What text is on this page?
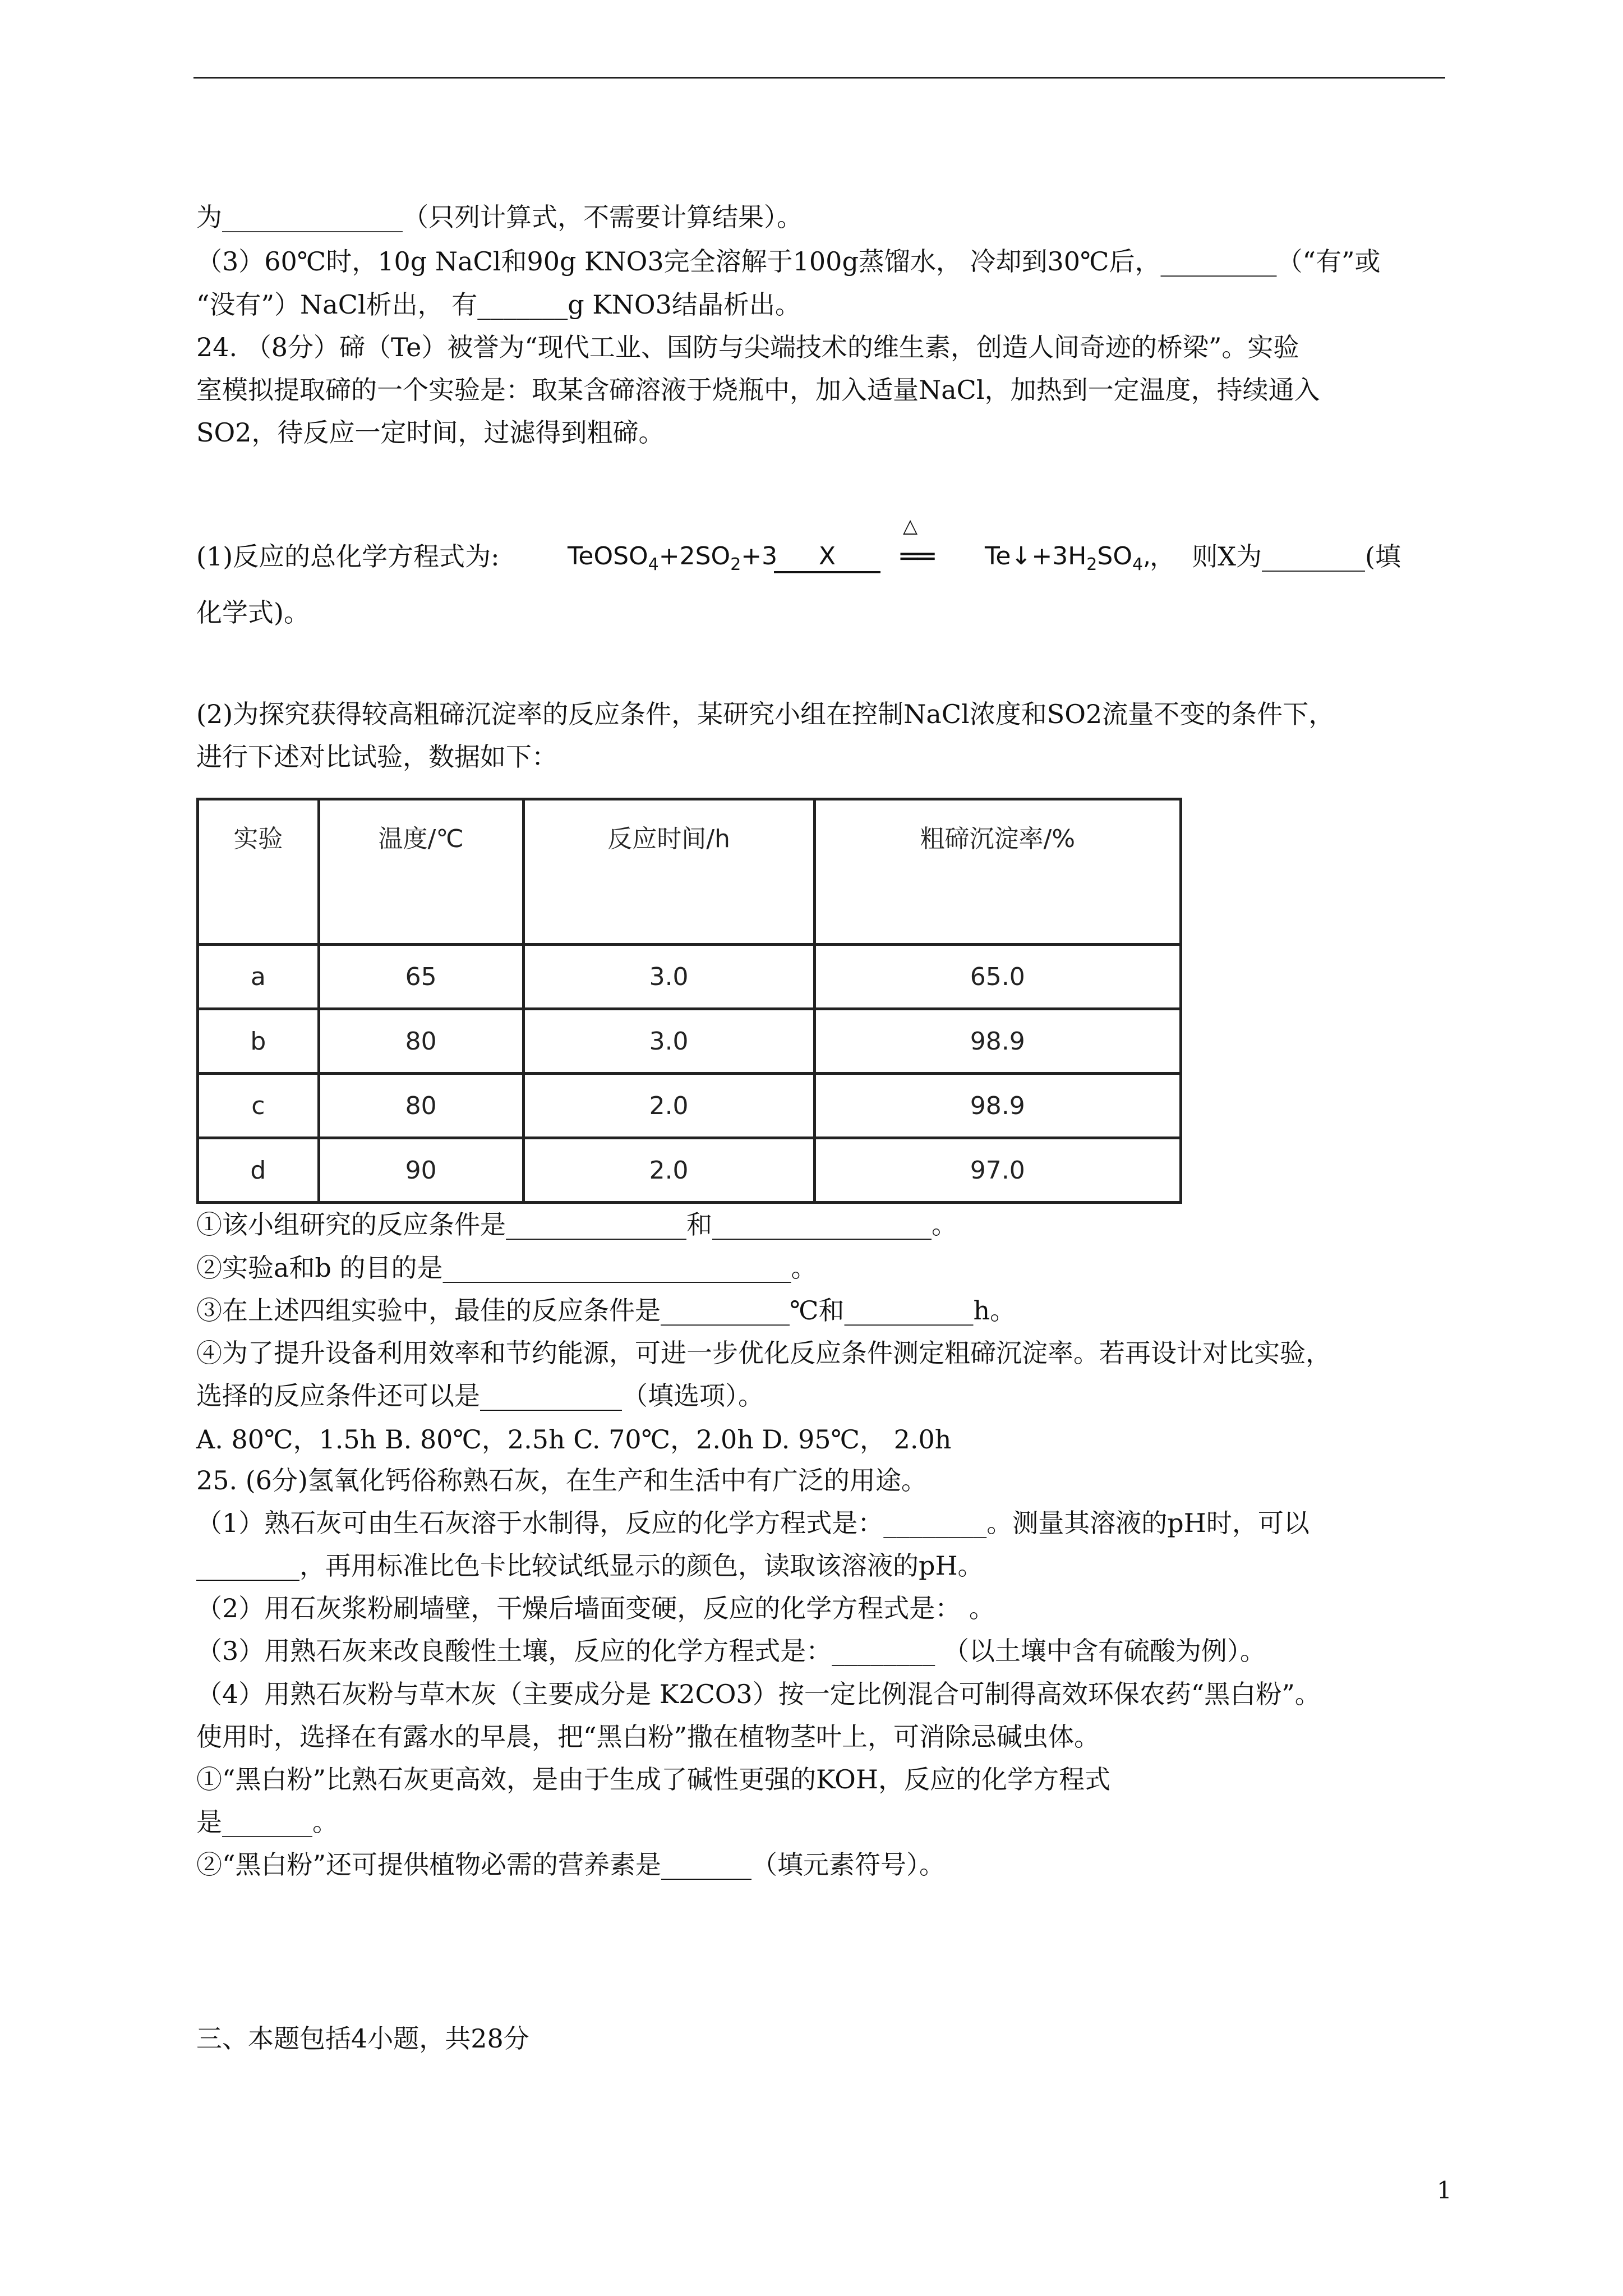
为______________（只列计算式，不需要计算结果）。
（3）60℃时，10g NaCl和90g KNO3完全溶解于100g蒸馏水， 冷却到30℃后，_________（“有”或
“没有”）NaCl析出， 有_______g KNO3结晶析出。
24. （8分）碲（Te）被誉为“现代工业、国防与尖端技术的维生素，创造人间奇迹的桥梁”。实验
室模拟提取碲的一个实验是：取某含碲溶液于烧瓶中，加入适量NaCl，加热到一定温度，持续通入
SO2，待反应一定时间，过滤得到粗碲。
(1)反应的总化学方程式为:	$TeOSO_4+2SO_2+3$	X
△
══ $Te↓+3H_2SO_4$,
，  则X为________(填
化学式)。
(2)为探究获得较高粗碲沉淀率的反应条件，某研究小组在控制NaCl浓度和SO2流量不变的条件下，
进行下述对比试验，数据如下：
实验	温度/℃	反应时间/h	粗碲沉淀率/%
a	65	3.0	65.0
b	80	3.0	98.9
c	80	2.0	98.9
d	90	2.0	97.0
①该小组研究的反应条件是______________和_________________。
②实验a和b 的目的是___________________________。
③在上述四组实验中，最佳的反应条件是__________℃和__________h。
④为了提升设备利用效率和节约能源，可进一步优化反应条件测定粗碲沉淀率。若再设计对比实验，
选择的反应条件还可以是___________（填选项）。
A. 80℃，1.5h B. 80℃，2.5h C. 70℃，2.0h D. 95℃， 2.0h
25. (6分)氢氧化钙俗称熟石灰，在生产和生活中有广泛的用途。
（1）熟石灰可由生石灰溶于水制得，反应的化学方程式是：________。测量其溶液的pH时，可以
________，再用标准比色卡比较试纸显示的颜色，读取该溶液的pH。
（2）用石灰浆粉刷墙壁，干燥后墙面变硬，反应的化学方程式是： 。
（3）用熟石灰来改良酸性土壤，反应的化学方程式是：________ （以土壤中含有硫酸为例）。
（4）用熟石灰粉与草木灰（主要成分是 K2CO3）按一定比例混合可制得高效环保农药“黑白粉”。
使用时，选择在有露水的早晨，把“黑白粉”撒在植物茎叶上，可消除忌碱虫体。
①“黑白粉”比熟石灰更高效，是由于生成了碱性更强的KOH，反应的化学方程式
是_______。
②“黑白粉”还可提供植物必需的营养素是_______（填元素符号）。
三、本题包括4小题，共28分
1
